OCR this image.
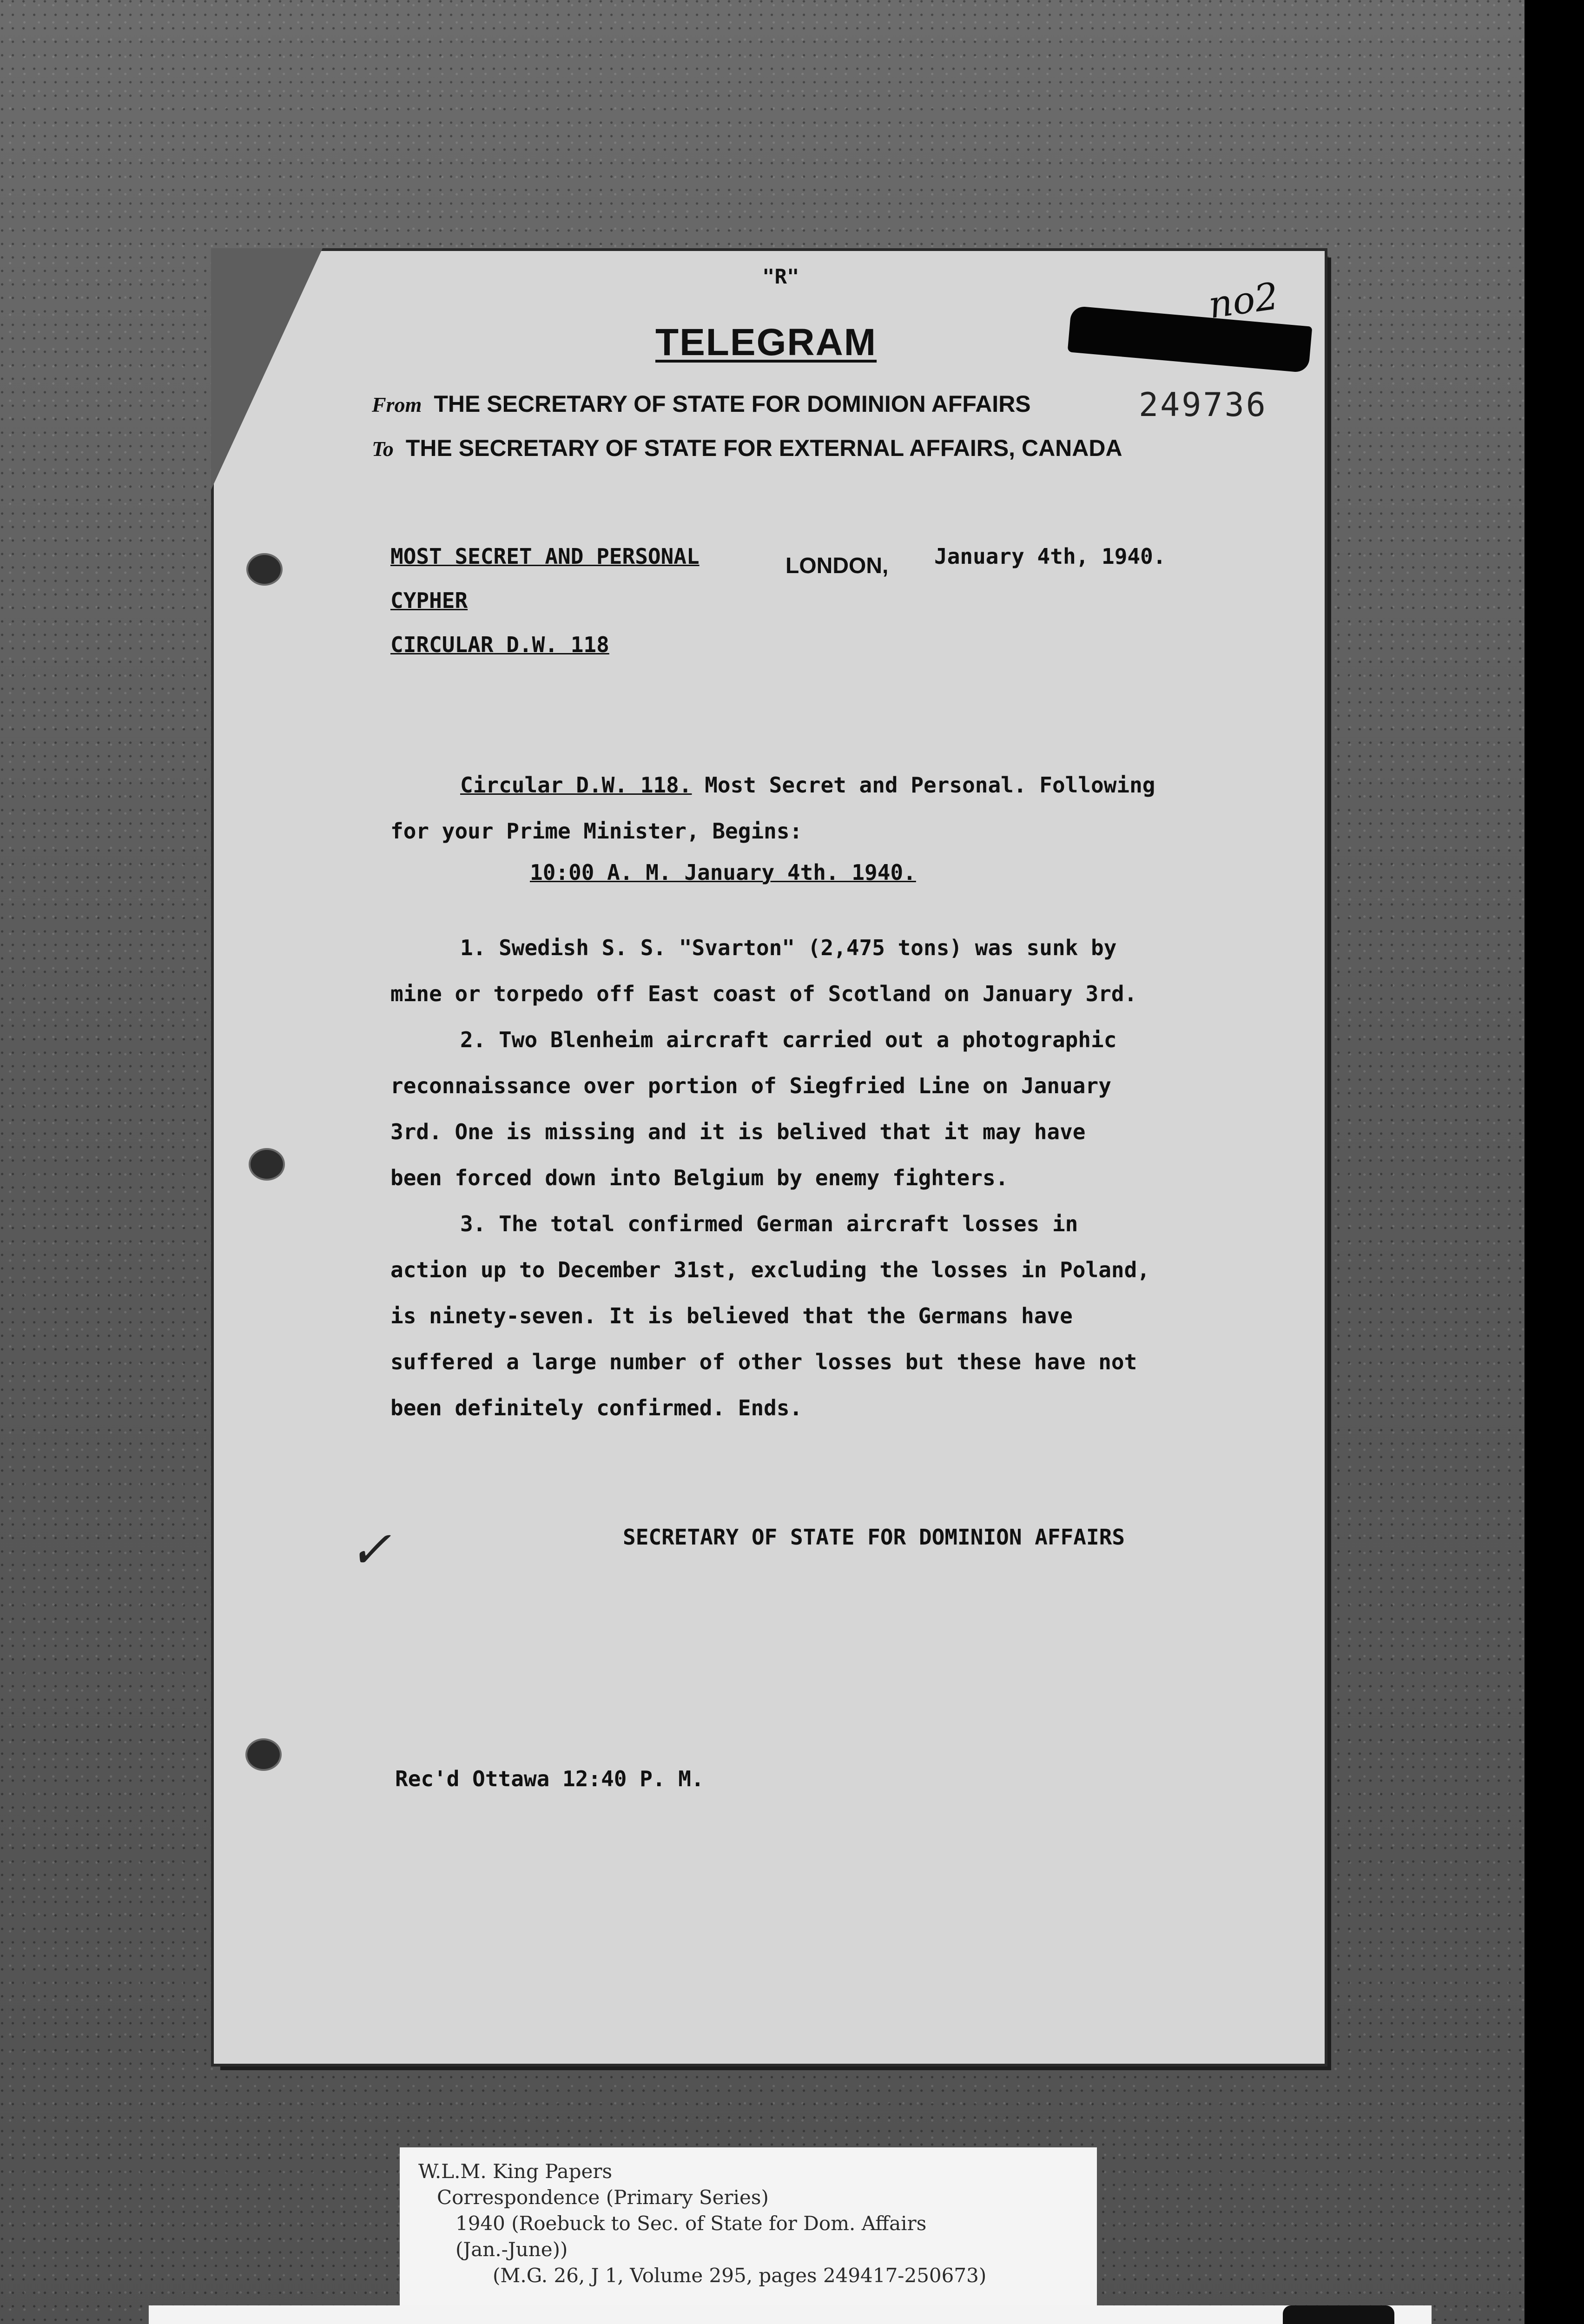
"R"
TELEGRAM
no2
From THE SECRETARY OF STATE FOR DOMINION AFFAIRS	249736
To THE SECRETARY OF STATE FOR EXTERNAL AFFAIRS, CANADA
MOST SECRET AND PERSONAL
CYPHER
CIRCULAR D.W. 118
LONDON, January 4th, 1940.
Circular D.W. 118. Most Secret and Personal. Following
for your Prime Minister, Begins:
10:00 A. M. January 4th. 1940.

1. Swedish S. S. "Svarton" (2,475 tons) was sunk by

mine or torpedo off East coast of Scotland on January 3rd.

2. Two Blenheim aircraft carried out a photographic

reconnaissance over portion of Siegfried Line on January

3rd. One is missing and it is belived that it may have

been forced down into Belgium by enemy fighters.

3. The total confirmed German aircraft losses in

action up to December 31st, excluding the losses in Poland,

is ninety-seven. It is believed that the Germans have

suffered a large number of other losses but these have not

been definitely confirmed. Ends.

✓	SECRETARY OF STATE FOR DOMINION AFFAIRS
Rec'd Ottawa 12:40 P. M.
W.L.M. King Papers
Correspondence (Primary Series)
1940 (Roebuck to Sec. of State for Dom. Affairs
(Jan.-June))
(M.G. 26, J 1, Volume 295, pages 249417-250673)
